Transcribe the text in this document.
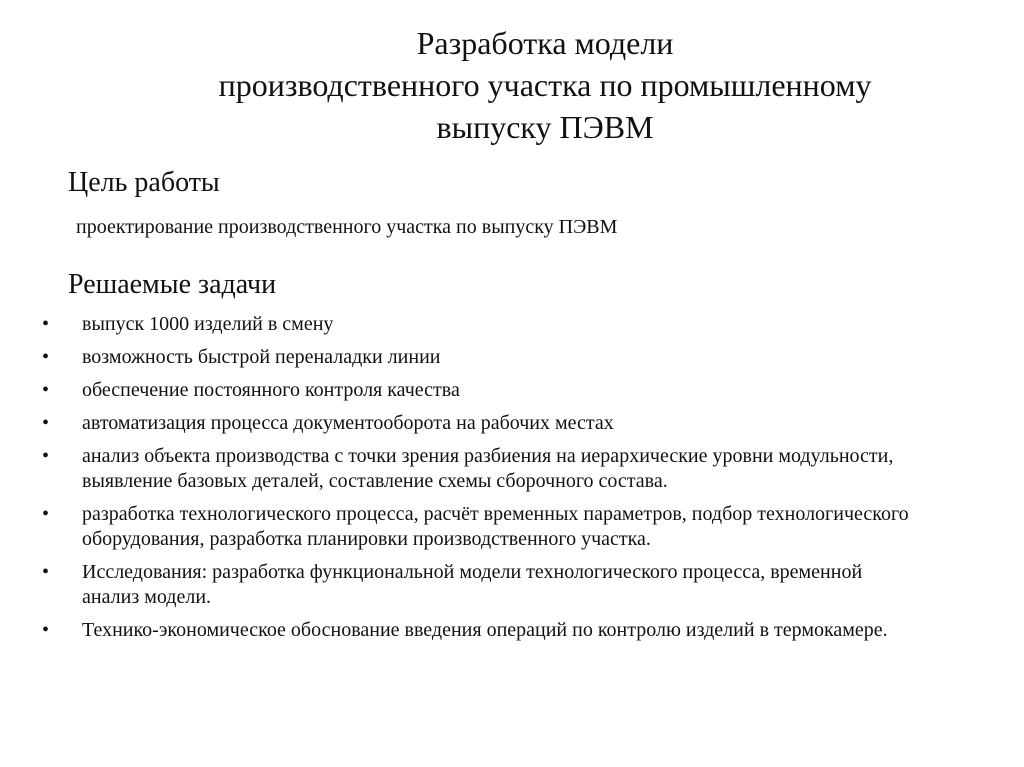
Разработка модели
производственного участка по промышленному
выпуску ПЭВМ
Цель работы

проектирование производственного участка по выпуску ПЭВМ

Решаемые задачи
• выпуск 1000 изделий в смену
• возможность быстрой переналадки линии
• обеспечение постоянного контроля качества
• автоматизация процесса документооборота на рабочих местах
• анализ объекта производства с точки зрения разбиения на иерархические уровни модульности, выявление базовых деталей, составление схемы сборочного состава.
• разработка технологического процесса, расчёт временных параметров, подбор технологического оборудования, разработка планировки производственного участка.
• Исследования: разработка функциональной модели технологического процесса, временной анализ модели.
• Технико-экономическое обоснование введения операций по контролю изделий в термокамере.
